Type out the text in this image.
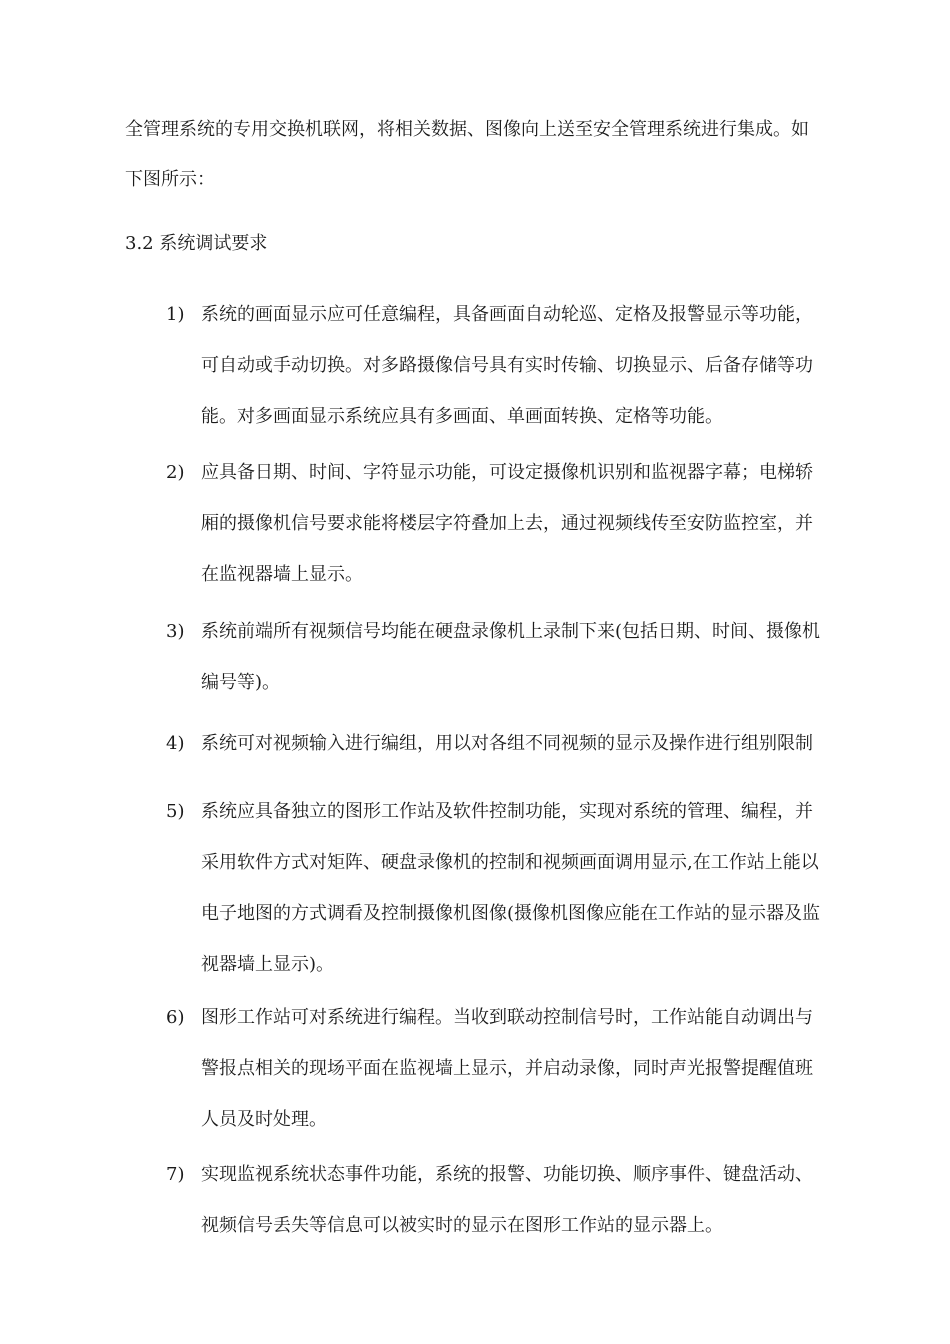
全管理系统的专用交换机联网，将相关数据、图像向上送至安全管理系统进行集成。如
下图所示：
3.2 系统调试要求
1) 系统的画面显示应可任意编程，具备画面自动轮巡、定格及报警显示等功能，
可自动或手动切换。对多路摄像信号具有实时传输、切换显示、后备存储等功
能。对多画面显示系统应具有多画面、单画面转换、定格等功能。
2) 应具备日期、时间、字符显示功能，可设定摄像机识别和监视器字幕；电梯轿
厢的摄像机信号要求能将楼层字符叠加上去，通过视频线传至安防监控室，并
在监视器墙上显示。
3) 系统前端所有视频信号均能在硬盘录像机上录制下来(包括日期、时间、摄像机
编号等)。
4) 系统可对视频输入进行编组，用以对各组不同视频的显示及操作进行组别限制
5) 系统应具备独立的图形工作站及软件控制功能，实现对系统的管理、编程，并
采用软件方式对矩阵、硬盘录像机的控制和视频画面调用显示,在工作站上能以
电子地图的方式调看及控制摄像机图像(摄像机图像应能在工作站的显示器及监
视器墙上显示)。
6) 图形工作站可对系统进行编程。当收到联动控制信号时，工作站能自动调出与
警报点相关的现场平面在监视墙上显示，并启动录像，同时声光报警提醒值班
人员及时处理。
7) 实现监视系统状态事件功能，系统的报警、功能切换、顺序事件、键盘活动、
视频信号丢失等信息可以被实时的显示在图形工作站的显示器上。
